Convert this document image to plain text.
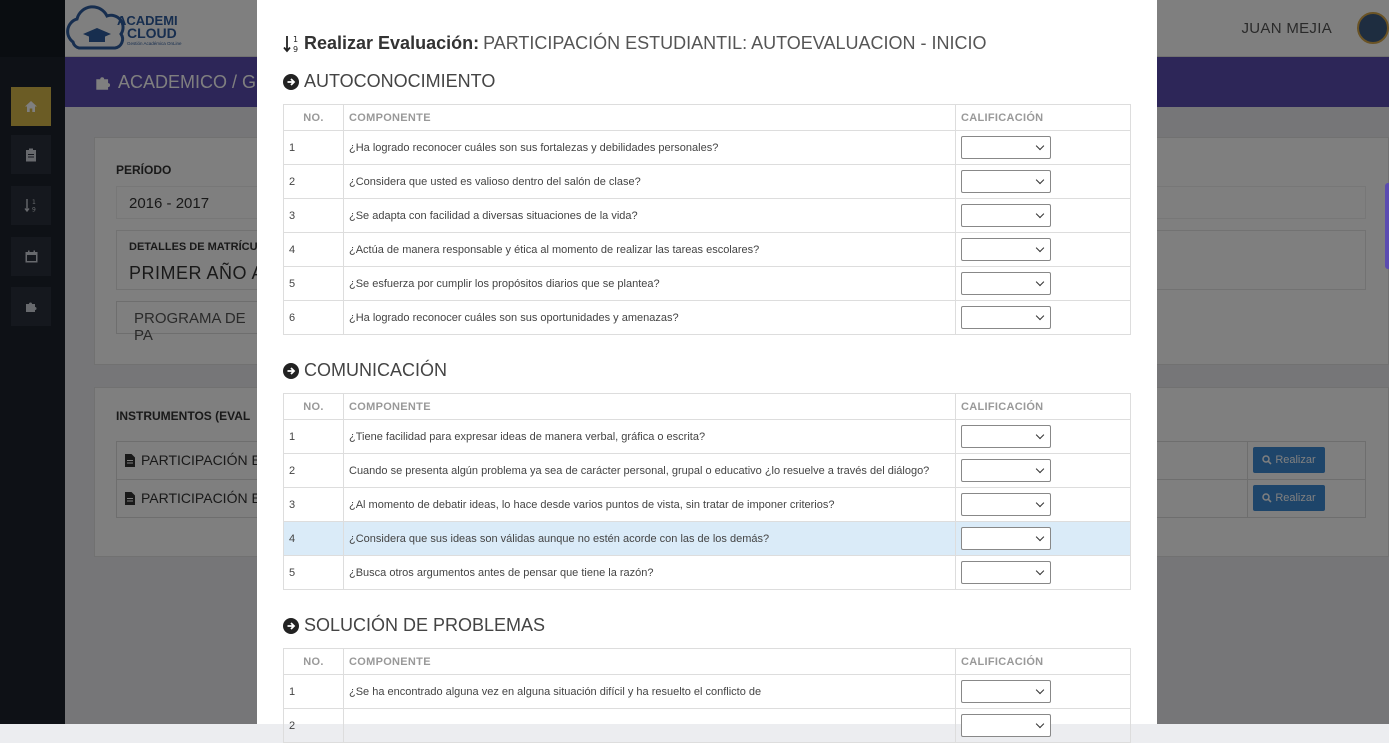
1
9 Realizar Evaluación: PARTICIPACIÓN ESTUDIANTIL: AUTOEVALUACION - INICIO
AUTOCONOCIMIENTO
NO.	COMPONENTE	CALIFICACIÓN
1	¿Ha logrado reconocer cuáles son sus fortalezas y debilidades personales?	

2	¿Considera que usted es valioso dentro del salón de clase?	

3	¿Se adapta con facilidad a diversas situaciones de la vida?	

4	¿Actúa de manera responsable y ética al momento de realizar las tareas escolares?	

5	¿Se esfuerza por cumplir los propósitos diarios que se plantea?	

6	¿Ha logrado reconocer cuáles son sus oportunidades y amenazas?	
COMUNICACIÓN
NO.	COMPONENTE	CALIFICACIÓN
1	¿Tiene facilidad para expresar ideas de manera verbal, gráfica o escrita?	

2	Cuando se presenta algún problema ya sea de carácter personal, grupal o educativo ¿lo resuelve a través del diálogo?	

3	¿Al momento de debatir ideas, lo hace desde varios puntos de vista, sin tratar de imponer criterios?	

4	¿Considera que sus ideas son válidas aunque no estén acorde con las de los demás?	

5	¿Busca otros argumentos antes de pensar que tiene la razón?	
SOLUCIÓN DE PROBLEMAS
NO.	COMPONENTE	CALIFICACIÓN
1	¿Se ha encontrado alguna vez en alguna situación difícil y ha resuelto el conflicto de	

2		
